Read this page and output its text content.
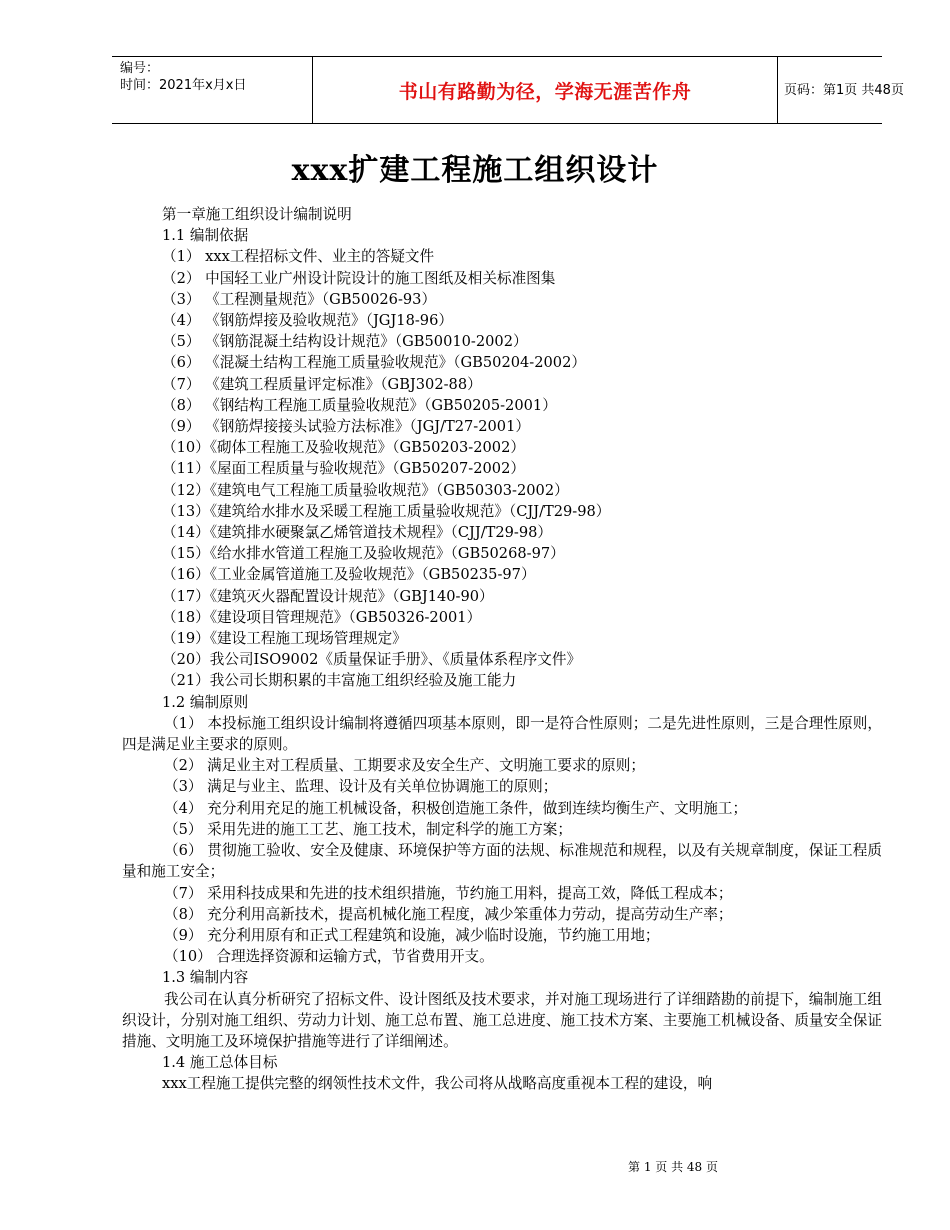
编号：
时间：2021年x月x日	书山有路勤为径，学海无涯苦作舟	页码：第1页 共48页
xxx扩建工程施工组织设计
第一章施工组织设计编制说明
1.1 编制依据
（1） xxx工程招标文件、业主的答疑文件
（2） 中国轻工业广州设计院设计的施工图纸及相关标准图集
（3） 《工程测量规范》（GB50026-93）
（4） 《钢筋焊接及验收规范》（JGJ18-96）
（5） 《钢筋混凝土结构设计规范》（GB50010-2002）
（6） 《混凝土结构工程施工质量验收规范》（GB50204-2002）
（7） 《建筑工程质量评定标准》（GBJ302-88）
（8） 《钢结构工程施工质量验收规范》（GB50205-2001）
（9） 《钢筋焊接接头试验方法标准》（JGJ/T27-2001）
（10）《砌体工程施工及验收规范》（GB50203-2002）
（11）《屋面工程质量与验收规范》（GB50207-2002）
（12）《建筑电气工程施工质量验收规范》（GB50303-2002）
（13）《建筑给水排水及采暖工程施工质量验收规范》（CJJ/T29-98）
（14）《建筑排水硬聚氯乙烯管道技术规程》（CJJ/T29-98）
（15）《给水排水管道工程施工及验收规范》（GB50268-97）
（16）《工业金属管道施工及验收规范》（GB50235-97）
（17）《建筑灭火器配置设计规范》（GBJ140-90）
（18）《建设项目管理规范》（GB50326-2001）
（19）《建设工程施工现场管理规定》
（20）我公司ISO9002《质量保证手册》、《质量体系程序文件》
（21）我公司长期积累的丰富施工组织经验及施工能力
1.2 编制原则
（1） 本投标施工组织设计编制将遵循四项基本原则，即一是符合性原则；二是先进性原则，三是合理性原则，四是满足业主要求的原则。
（2） 满足业主对工程质量、工期要求及安全生产、文明施工要求的原则；
（3） 满足与业主、监理、设计及有关单位协调施工的原则；
（4） 充分利用充足的施工机械设备，积极创造施工条件，做到连续均衡生产、文明施工；
（5） 采用先进的施工工艺、施工技术，制定科学的施工方案；
（6） 贯彻施工验收、安全及健康、环境保护等方面的法规、标准规范和规程，以及有关规章制度，保证工程质量和施工安全；
（7） 采用科技成果和先进的技术组织措施，节约施工用料，提高工效，降低工程成本；
（8） 充分利用高新技术，提高机械化施工程度，减少笨重体力劳动，提高劳动生产率；
（9） 充分利用原有和正式工程建筑和设施，减少临时设施，节约施工用地；
（10） 合理选择资源和运输方式，节省费用开支。
1.3 编制内容
我公司在认真分析研究了招标文件、设计图纸及技术要求，并对施工现场进行了详细踏勘的前提下，编制施工组织设计，分别对施工组织、劳动力计划、施工总布置、施工总进度、施工技术方案、主要施工机械设备、质量安全保证措施、文明施工及环境保护措施等进行了详细阐述。
1.4 施工总体目标
xxx工程施工提供完整的纲领性技术文件，我公司将从战略高度重视本工程的建设，响
第 1 页 共 48 页
